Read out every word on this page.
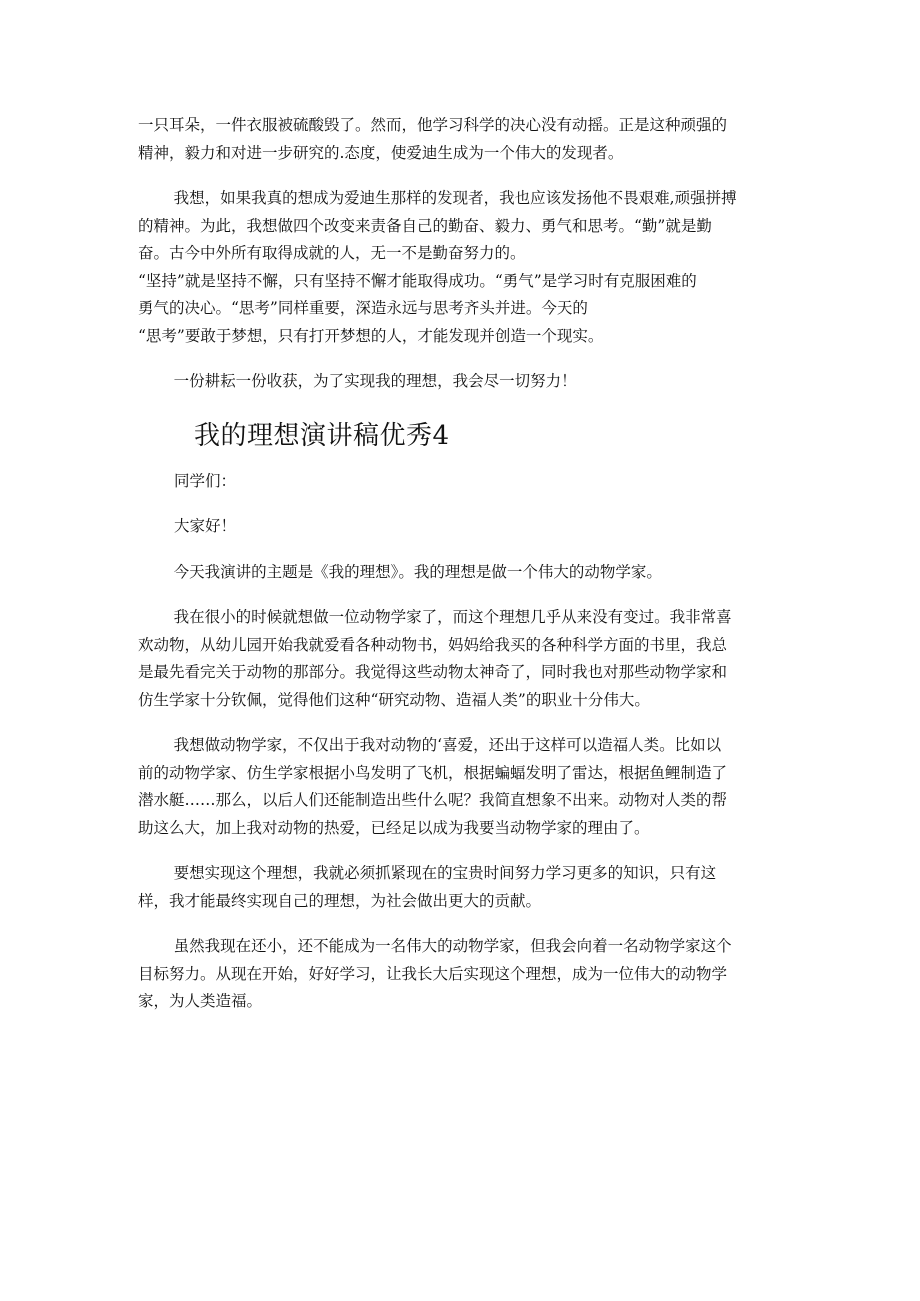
一只耳朵，一件衣服被硫酸毁了。然而，他学习科学的决心没有动摇。正是这种顽强的
精神，毅力和对进一步研究的.态度，使爱迪生成为一个伟大的发现者。

我想，如果我真的想成为爱迪生那样的发现者，我也应该发扬他不畏艰难,顽强拼搏
的精神。为此，我想做四个改变来责备自己的勤奋、毅力、勇气和思考。“勤”就是勤
奋。古今中外所有取得成就的人，无一不是勤奋努力的。
“坚持”就是坚持不懈，只有坚持不懈才能取得成功。“勇气”是学习时有克服困难的
勇气的决心。“思考”同样重要，深造永远与思考齐头并进。今天的
“思考”要敢于梦想，只有打开梦想的人，才能发现并创造一个现实。

一份耕耘一份收获，为了实现我的理想，我会尽一切努力！

我的理想演讲稿优秀4

同学们：

大家好！

今天我演讲的主题是《我的理想》。我的理想是做一个伟大的动物学家。

我在很小的时候就想做一位动物学家了，而这个理想几乎从来没有变过。我非常喜
欢动物，从幼儿园开始我就爱看各种动物书，妈妈给我买的各种科学方面的书里，我总
是最先看完关于动物的那部分。我觉得这些动物太神奇了，同时我也对那些动物学家和
仿生学家十分钦佩，觉得他们这种“研究动物、造福人类”的职业十分伟大。

我想做动物学家，不仅出于我对动物的‘喜爱，还出于这样可以造福人类。比如以
前的动物学家、仿生学家根据小鸟发明了飞机，根据蝙蝠发明了雷达，根据鱼鲤制造了
潜水艇……那么，以后人们还能制造出些什么呢？我简直想象不出来。动物对人类的帮
助这么大，加上我对动物的热爱，已经足以成为我要当动物学家的理由了。

要想实现这个理想，我就必须抓紧现在的宝贵时间努力学习更多的知识，只有这
样，我才能最终实现自己的理想，为社会做出更大的贡献。

虽然我现在还小，还不能成为一名伟大的动物学家，但我会向着一名动物学家这个
目标努力。从现在开始，好好学习，让我长大后实现这个理想，成为一位伟大的动物学
家，为人类造福。
